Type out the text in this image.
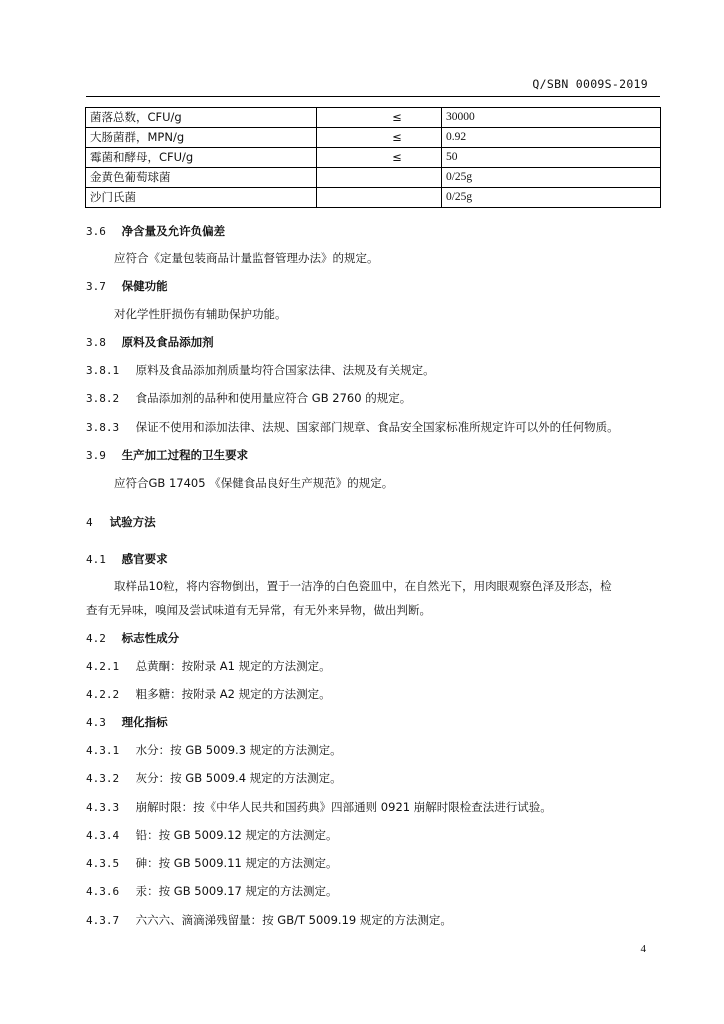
Q/SBN 0009S-2019
菌落总数，CFU/g	≤	30000
大肠菌群，MPN/g	≤	0.92
霉菌和酵母，CFU/g	≤	50
金黄色葡萄球菌		0/25g
沙门氏菌		0/25g
3.6 净含量及允许负偏差
应符合《定量包装商品计量监督管理办法》的规定。
3.7 保健功能
对化学性肝损伤有辅助保护功能。
3.8 原料及食品添加剂
3.8.1 原料及食品添加剂质量均符合国家法律、法规及有关规定。
3.8.2 食品添加剂的品种和使用量应符合 GB 2760 的规定。
3.8.3 保证不使用和添加法律、法规、国家部门规章、食品安全国家标准所规定许可以外的任何物质。
3.9 生产加工过程的卫生要求
应符合GB 17405 《保健食品良好生产规范》的规定。
4 试验方法
4.1 感官要求
取样品10粒，将内容物倒出，置于一洁净的白色瓷皿中，在自然光下，用肉眼观察色泽及形态，检
查有无异味，嗅闻及尝试味道有无异常，有无外来异物，做出判断。
4.2 标志性成分
4.2.1 总黄酮：按附录 A1 规定的方法测定。
4.2.2 粗多糖：按附录 A2 规定的方法测定。
4.3 理化指标
4.3.1 水分：按 GB 5009.3 规定的方法测定。
4.3.2 灰分：按 GB 5009.4 规定的方法测定。
4.3.3 崩解时限：按《中华人民共和国药典》四部通则 0921 崩解时限检查法进行试验。
4.3.4 铅：按 GB 5009.12 规定的方法测定。
4.3.5 砷：按 GB 5009.11 规定的方法测定。
4.3.6 汞：按 GB 5009.17 规定的方法测定。
4.3.7 六六六、滴滴涕残留量：按 GB/T 5009.19 规定的方法测定。
4
